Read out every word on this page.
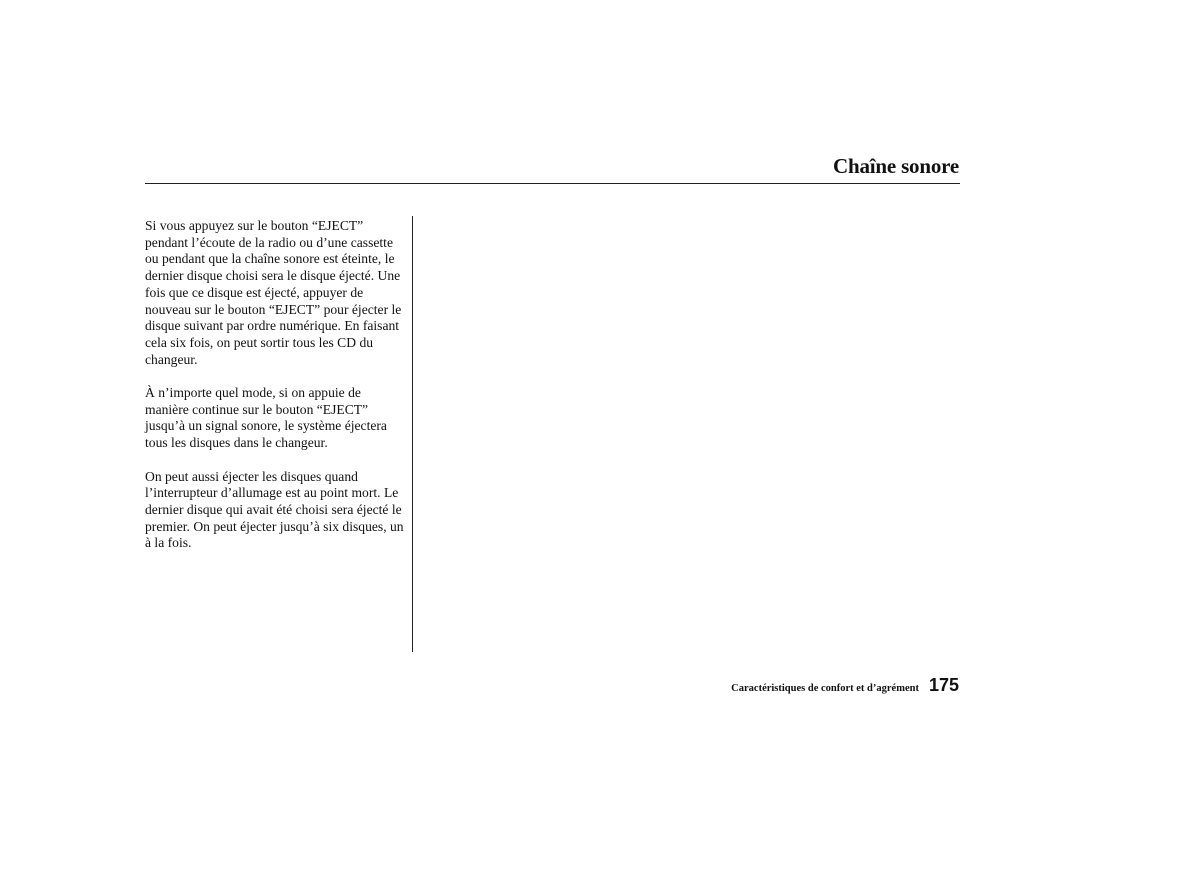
Chaîne sonore

Si vous appuyez sur le bouton “EJECT” pendant l’écoute de la radio ou d’une cassette ou pendant que la chaîne sonore est éteinte, le dernier disque choisi sera le disque éjecté. Une fois que ce disque est éjecté, appuyer de nouveau sur le bouton “EJECT” pour éjecter le disque suivant par ordre numérique. En faisant cela six fois, on peut sortir tous les CD du changeur.

À n’importe quel mode, si on appuie de manière continue sur le bouton “EJECT” jusqu’à un signal sonore, le système éjectera tous les disques dans le changeur.

On peut aussi éjecter les disques quand l’interrupteur d’allumage est au point mort. Le dernier disque qui avait été choisi sera éjecté le premier. On peut éjecter jusqu’à six disques, un à la fois.

Caractéristiques de confort et d’agrément 175
